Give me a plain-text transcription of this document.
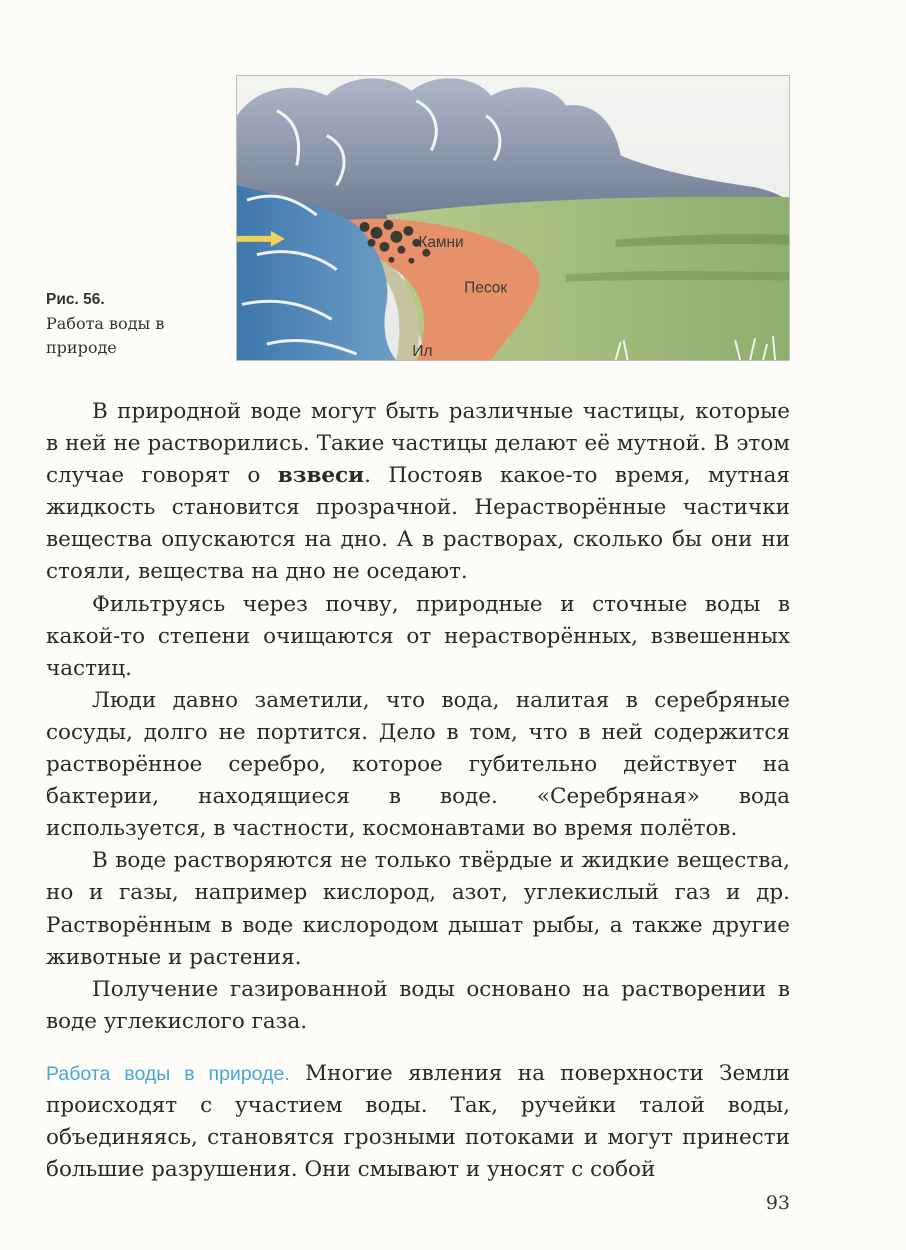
Камни
Песок
Ил
Рис. 56.
Работа воды в природе

В природной воде могут быть различные частицы, которые в ней не растворились. Такие частицы делают её мутной. В этом случае говорят о взвеси. Постояв какое-то время, мутная жидкость становится прозрачной. Нерастворённые частички вещества опускаются на дно. А в растворах, сколько бы они ни стояли, вещества на дно не оседают.

Фильтруясь через почву, природные и сточные воды в какой-то степени очищаются от нерастворённых, взвешенных частиц.

Люди давно заметили, что вода, налитая в серебряные сосуды, долго не портится. Дело в том, что в ней содержится растворённое серебро, которое губительно действует на бактерии, находящиеся в воде. «Серебряная» вода используется, в частности, космонавтами во время полётов.

В воде растворяются не только твёрдые и жидкие вещества, но и газы, например кислород, азот, углекислый газ и др. Растворённым в воде кислородом дышат рыбы, а также другие животные и растения.

Получение газированной воды основано на растворении в воде углекислого газа.

Работа воды в природе. Многие явления на поверхности Земли происходят с участием воды. Так, ручейки талой воды, объединяясь, становятся грозными потоками и могут принести большие разрушения. Они смывают и уносят с собой

93
